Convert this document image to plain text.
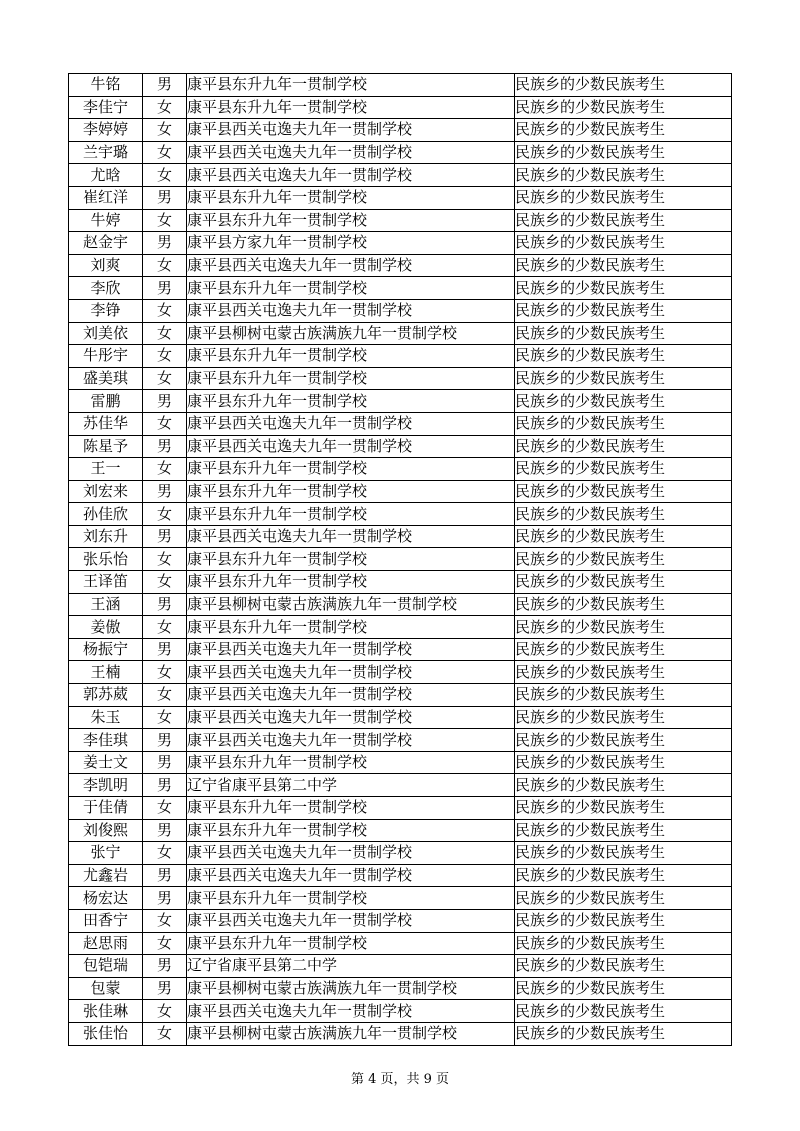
牛铭	男	康平县东升九年一贯制学校	民族乡的少数民族考生
李佳宁	女	康平县东升九年一贯制学校	民族乡的少数民族考生
李婷婷	女	康平县西关屯逸夫九年一贯制学校	民族乡的少数民族考生
兰宇璐	女	康平县西关屯逸夫九年一贯制学校	民族乡的少数民族考生
尤晗	女	康平县西关屯逸夫九年一贯制学校	民族乡的少数民族考生
崔红洋	男	康平县东升九年一贯制学校	民族乡的少数民族考生
牛婷	女	康平县东升九年一贯制学校	民族乡的少数民族考生
赵金宇	男	康平县方家九年一贯制学校	民族乡的少数民族考生
刘爽	女	康平县西关屯逸夫九年一贯制学校	民族乡的少数民族考生
李欣	男	康平县东升九年一贯制学校	民族乡的少数民族考生
李铮	女	康平县西关屯逸夫九年一贯制学校	民族乡的少数民族考生
刘美依	女	康平县柳树屯蒙古族满族九年一贯制学校	民族乡的少数民族考生
牛彤宇	女	康平县东升九年一贯制学校	民族乡的少数民族考生
盛美琪	女	康平县东升九年一贯制学校	民族乡的少数民族考生
雷鹏	男	康平县东升九年一贯制学校	民族乡的少数民族考生
苏佳华	女	康平县西关屯逸夫九年一贯制学校	民族乡的少数民族考生
陈星予	男	康平县西关屯逸夫九年一贯制学校	民族乡的少数民族考生
王一	女	康平县东升九年一贯制学校	民族乡的少数民族考生
刘宏来	男	康平县东升九年一贯制学校	民族乡的少数民族考生
孙佳欣	女	康平县东升九年一贯制学校	民族乡的少数民族考生
刘东升	男	康平县西关屯逸夫九年一贯制学校	民族乡的少数民族考生
张乐怡	女	康平县东升九年一贯制学校	民族乡的少数民族考生
王译笛	女	康平县东升九年一贯制学校	民族乡的少数民族考生
王涵	男	康平县柳树屯蒙古族满族九年一贯制学校	民族乡的少数民族考生
姜傲	女	康平县东升九年一贯制学校	民族乡的少数民族考生
杨振宁	男	康平县西关屯逸夫九年一贯制学校	民族乡的少数民族考生
王楠	女	康平县西关屯逸夫九年一贯制学校	民族乡的少数民族考生
郭苏葳	女	康平县西关屯逸夫九年一贯制学校	民族乡的少数民族考生
朱玉	女	康平县西关屯逸夫九年一贯制学校	民族乡的少数民族考生
李佳琪	男	康平县西关屯逸夫九年一贯制学校	民族乡的少数民族考生
姜士文	男	康平县东升九年一贯制学校	民族乡的少数民族考生
李凯明	男	辽宁省康平县第二中学	民族乡的少数民族考生
于佳倩	女	康平县东升九年一贯制学校	民族乡的少数民族考生
刘俊熙	男	康平县东升九年一贯制学校	民族乡的少数民族考生
张宁	女	康平县西关屯逸夫九年一贯制学校	民族乡的少数民族考生
尤鑫岩	男	康平县西关屯逸夫九年一贯制学校	民族乡的少数民族考生
杨宏达	男	康平县东升九年一贯制学校	民族乡的少数民族考生
田香宁	女	康平县西关屯逸夫九年一贯制学校	民族乡的少数民族考生
赵思雨	女	康平县东升九年一贯制学校	民族乡的少数民族考生
包铠瑞	男	辽宁省康平县第二中学	民族乡的少数民族考生
包蒙	男	康平县柳树屯蒙古族满族九年一贯制学校	民族乡的少数民族考生
张佳琳	女	康平县西关屯逸夫九年一贯制学校	民族乡的少数民族考生
张佳怡	女	康平县柳树屯蒙古族满族九年一贯制学校	民族乡的少数民族考生
第 4 页，共 9 页
